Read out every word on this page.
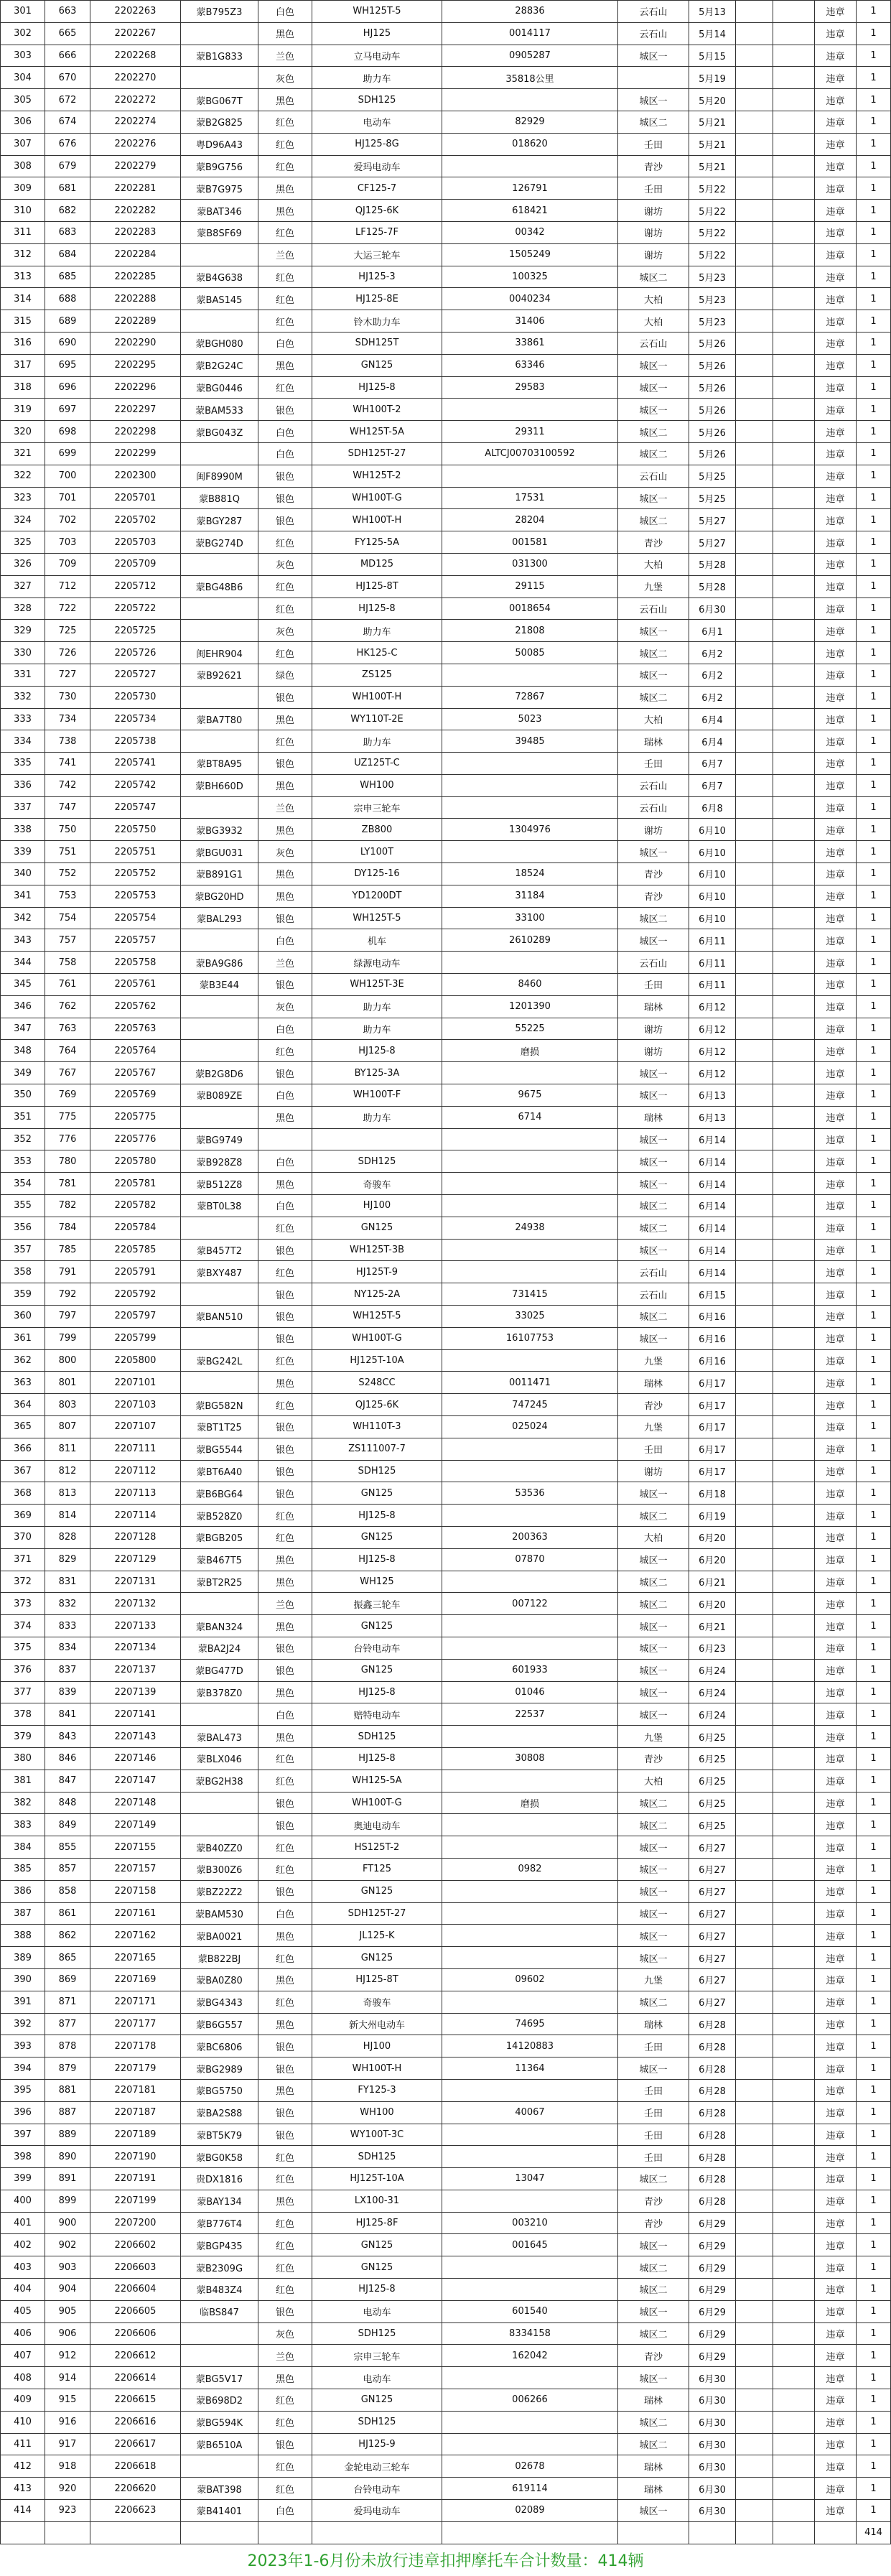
301	663	2202263	蒙B795Z3	白色	WH125T-5	28836	云石山	5月13			违章	1
302	665	2202267		黑色	HJ125	0014117	云石山	5月14			违章	1
303	666	2202268	蒙B1G833	兰色	立马电动车	0905287	城区一	5月15			违章	1
304	670	2202270		灰色	助力车	35818公里		5月19			违章	1
305	672	2202272	蒙BG067T	黑色	SDH125		城区一	5月20			违章	1
306	674	2202274	蒙B2G825	红色	电动车	82929	城区二	5月21			违章	1
307	676	2202276	粤D96A43	红色	HJ125-8G	018620	壬田	5月21			违章	1
308	679	2202279	蒙B9G756	红色	爱玛电动车		青沙	5月21			违章	1
309	681	2202281	蒙B7G975	黑色	CF125-7	126791	壬田	5月22			违章	1
310	682	2202282	蒙BAT346	黑色	QJ125-6K	618421	谢坊	5月22			违章	1
311	683	2202283	蒙B8SF69	红色	LF125-7F	00342	谢坊	5月22			违章	1
312	684	2202284		兰色	大运三轮车	1505249	谢坊	5月22			违章	1
313	685	2202285	蒙B4G638	红色	HJ125-3	100325	城区二	5月23			违章	1
314	688	2202288	蒙BAS145	红色	HJ125-8E	0040234	大柏	5月23			违章	1
315	689	2202289		红色	铃木助力车	31406	大柏	5月23			违章	1
316	690	2202290	蒙BGH080	白色	SDH125T	33861	云石山	5月26			违章	1
317	695	2202295	蒙B2G24C	黑色	GN125	63346	城区一	5月26			违章	1
318	696	2202296	蒙BG0446	红色	HJ125-8	29583	城区一	5月26			违章	1
319	697	2202297	蒙BAM533	银色	WH100T-2		城区一	5月26			违章	1
320	698	2202298	蒙BG043Z	白色	WH125T-5A	29311	城区二	5月26			违章	1
321	699	2202299		白色	SDH125T-27	ALTCJ00703100592	城区二	5月26			违章	1
322	700	2202300	闽F8990M	银色	WH125T-2		云石山	5月25			违章	1
323	701	2205701	蒙B881Q	银色	WH100T-G	17531	城区一	5月25			违章	1
324	702	2205702	蒙BGY287	银色	WH100T-H	28204	城区二	5月27			违章	1
325	703	2205703	蒙BG274D	红色	FY125-5A	001581	青沙	5月27			违章	1
326	709	2205709		灰色	MD125	031300	大柏	5月28			违章	1
327	712	2205712	蒙BG48B6	红色	HJ125-8T	29115	九堡	5月28			违章	1
328	722	2205722		红色	HJ125-8	0018654	云石山	6月30			违章	1
329	725	2205725		灰色	助力车	21808	城区一	6月1			违章	1
330	726	2205726	闽EHR904	红色	HK125-C	50085	城区二	6月2			违章	1
331	727	2205727	蒙B92621	绿色	ZS125		城区一	6月2			违章	1
332	730	2205730		银色	WH100T-H	72867	城区二	6月2			违章	1
333	734	2205734	蒙BA7T80	黑色	WY110T-2E	5023	大柏	6月4			违章	1
334	738	2205738		红色	助力车	39485	瑞林	6月4			违章	1
335	741	2205741	蒙BT8A95	银色	UZ125T-C		壬田	6月7			违章	1
336	742	2205742	蒙BH660D	黑色	WH100		云石山	6月7			违章	1
337	747	2205747		兰色	宗申三轮车		云石山	6月8			违章	1
338	750	2205750	蒙BG3932	黑色	ZB800	1304976	谢坊	6月10			违章	1
339	751	2205751	蒙BGU031	灰色	LY100T		城区一	6月10			违章	1
340	752	2205752	蒙B891G1	黑色	DY125-16	18524	青沙	6月10			违章	1
341	753	2205753	蒙BG20HD	黑色	YD1200DT	31184	青沙	6月10			违章	1
342	754	2205754	蒙BAL293	银色	WH125T-5	33100	城区二	6月10			违章	1
343	757	2205757		白色	机车	2610289	城区一	6月11			违章	1
344	758	2205758	蒙BA9G86	兰色	绿源电动车		云石山	6月11			违章	1
345	761	2205761	蒙B3E44	银色	WH125T-3E	8460	壬田	6月11			违章	1
346	762	2205762		灰色	助力车	1201390	瑞林	6月12			违章	1
347	763	2205763		白色	助力车	55225	谢坊	6月12			违章	1
348	764	2205764		红色	HJ125-8	磨损	谢坊	6月12			违章	1
349	767	2205767	蒙B2G8D6	银色	BY125-3A		城区一	6月12			违章	1
350	769	2205769	蒙B089ZE	白色	WH100T-F	9675	城区一	6月13			违章	1
351	775	2205775		黑色	助力车	6714	瑞林	6月13			违章	1
352	776	2205776	蒙BG9749				城区一	6月14			违章	1
353	780	2205780	蒙B928Z8	白色	SDH125		城区一	6月14			违章	1
354	781	2205781	蒙B512Z8	黑色	奇骏车		城区一	6月14			违章	1
355	782	2205782	蒙BT0L38	白色	HJ100		城区二	6月14			违章	1
356	784	2205784		红色	GN125	24938	城区二	6月14			违章	1
357	785	2205785	蒙B457T2	银色	WH125T-3B		城区一	6月14			违章	1
358	791	2205791	蒙BXY487	红色	HJ125T-9		云石山	6月14			违章	1
359	792	2205792		银色	NY125-2A	731415	云石山	6月15			违章	1
360	797	2205797	蒙BAN510	银色	WH125T-5	33025	城区二	6月16			违章	1
361	799	2205799		银色	WH100T-G	16107753	城区一	6月16			违章	1
362	800	2205800	蒙BG242L	红色	HJ125T-10A		九堡	6月16			违章	1
363	801	2207101		黑色	S248CC	0011471	瑞林	6月17			违章	1
364	803	2207103	蒙BG582N	红色	QJ125-6K	747245	青沙	6月17			违章	1
365	807	2207107	蒙BT1T25	银色	WH110T-3	025024	九堡	6月17			违章	1
366	811	2207111	蒙BG5544	银色	ZS111007-7		壬田	6月17			违章	1
367	812	2207112	蒙BT6A40	银色	SDH125		谢坊	6月17			违章	1
368	813	2207113	蒙B6BG64	银色	GN125	53536	城区一	6月18			违章	1
369	814	2207114	蒙B528Z0	红色	HJ125-8		城区二	6月19			违章	1
370	828	2207128	蒙BGB205	红色	GN125	200363	大柏	6月20			违章	1
371	829	2207129	蒙B467T5	黑色	HJ125-8	07870	城区一	6月20			违章	1
372	831	2207131	蒙BT2R25	黑色	WH125		城区二	6月21			违章	1
373	832	2207132		兰色	振鑫三轮车	007122	城区二	6月20			违章	1
374	833	2207133	蒙BAN324	黑色	GN125		城区一	6月21			违章	1
375	834	2207134	蒙BA2J24	银色	台铃电动车		城区一	6月23			违章	1
376	837	2207137	蒙BG477D	银色	GN125	601933	城区一	6月24			违章	1
377	839	2207139	蒙B378Z0	黑色	HJ125-8	01046	城区一	6月24			违章	1
378	841	2207141		白色	赔特电动车	22537	城区一	6月24			违章	1
379	843	2207143	蒙BAL473	黑色	SDH125		九堡	6月25			违章	1
380	846	2207146	蒙BLX046	红色	HJ125-8	30808	青沙	6月25			违章	1
381	847	2207147	蒙BG2H38	红色	WH125-5A		大柏	6月25			违章	1
382	848	2207148		银色	WH100T-G	磨损	城区二	6月25			违章	1
383	849	2207149		银色	奥迪电动车		城区二	6月25			违章	1
384	855	2207155	蒙B40ZZ0	红色	HS125T-2		城区一	6月27			违章	1
385	857	2207157	蒙B300Z6	红色	FT125	0982	城区一	6月27			违章	1
386	858	2207158	蒙BZ22Z2	银色	GN125		城区一	6月27			违章	1
387	861	2207161	蒙BAM530	白色	SDH125T-27		城区一	6月27			违章	1
388	862	2207162	蒙BA0021	黑色	JL125-K		城区一	6月27			违章	1
389	865	2207165	蒙B822BJ	红色	GN125		城区一	6月27			违章	1
390	869	2207169	蒙BA0Z80	黑色	HJ125-8T	09602	九堡	6月27			违章	1
391	871	2207171	蒙BG4343	红色	奇骏车		城区二	6月27			违章	1
392	877	2207177	蒙B6G557	黑色	新大州电动车	74695	瑞林	6月28			违章	1
393	878	2207178	蒙BC6806	银色	HJ100	14120883	壬田	6月28			违章	1
394	879	2207179	蒙BG2989	银色	WH100T-H	11364	城区一	6月28			违章	1
395	881	2207181	蒙BG5750	黑色	FY125-3		壬田	6月28			违章	1
396	887	2207187	蒙BA2S88	银色	WH100	40067	壬田	6月28			违章	1
397	889	2207189	蒙BT5K79	银色	WY100T-3C		壬田	6月28			违章	1
398	890	2207190	蒙BG0K58	红色	SDH125		壬田	6月28			违章	1
399	891	2207191	贵DX1816	红色	HJ125T-10A	13047	城区二	6月28			违章	1
400	899	2207199	蒙BAY134	黑色	LX100-31		青沙	6月28			违章	1
401	900	2207200	蒙B776T4	红色	HJ125-8F	003210	青沙	6月29			违章	1
402	902	2206602	蒙BGP435	红色	GN125	001645	城区一	6月29			违章	1
403	903	2206603	蒙B2309G	红色	GN125		城区二	6月29			违章	1
404	904	2206604	蒙B483Z4	红色	HJ125-8		城区二	6月29			违章	1
405	905	2206605	临BS847	银色	电动车	601540	城区一	6月29			违章	1
406	906	2206606		灰色	SDH125	8334158	城区二	6月29			违章	1
407	912	2206612		兰色	宗申三轮车	162042	青沙	6月29			违章	1
408	914	2206614	蒙BG5V17	黑色	电动车		城区一	6月30			违章	1
409	915	2206615	蒙B698D2	红色	GN125	006266	瑞林	6月30			违章	1
410	916	2206616	蒙BG594K	红色	SDH125		城区二	6月30			违章	1
411	917	2206617	蒙B6510A	银色	HJ125-9		城区二	6月30			违章	1
412	918	2206618		红色	金轮电动三轮车	02678	瑞林	6月30			违章	1
413	920	2206620	蒙BAT398	红色	台铃电动车	619114	瑞林	6月30			违章	1
414	923	2206623	蒙B41401	白色	爱玛电动车	02089	城区一	6月30			违章	1
												414
2023年1-6月份未放行违章扣押摩托车合计数量：414辆												
